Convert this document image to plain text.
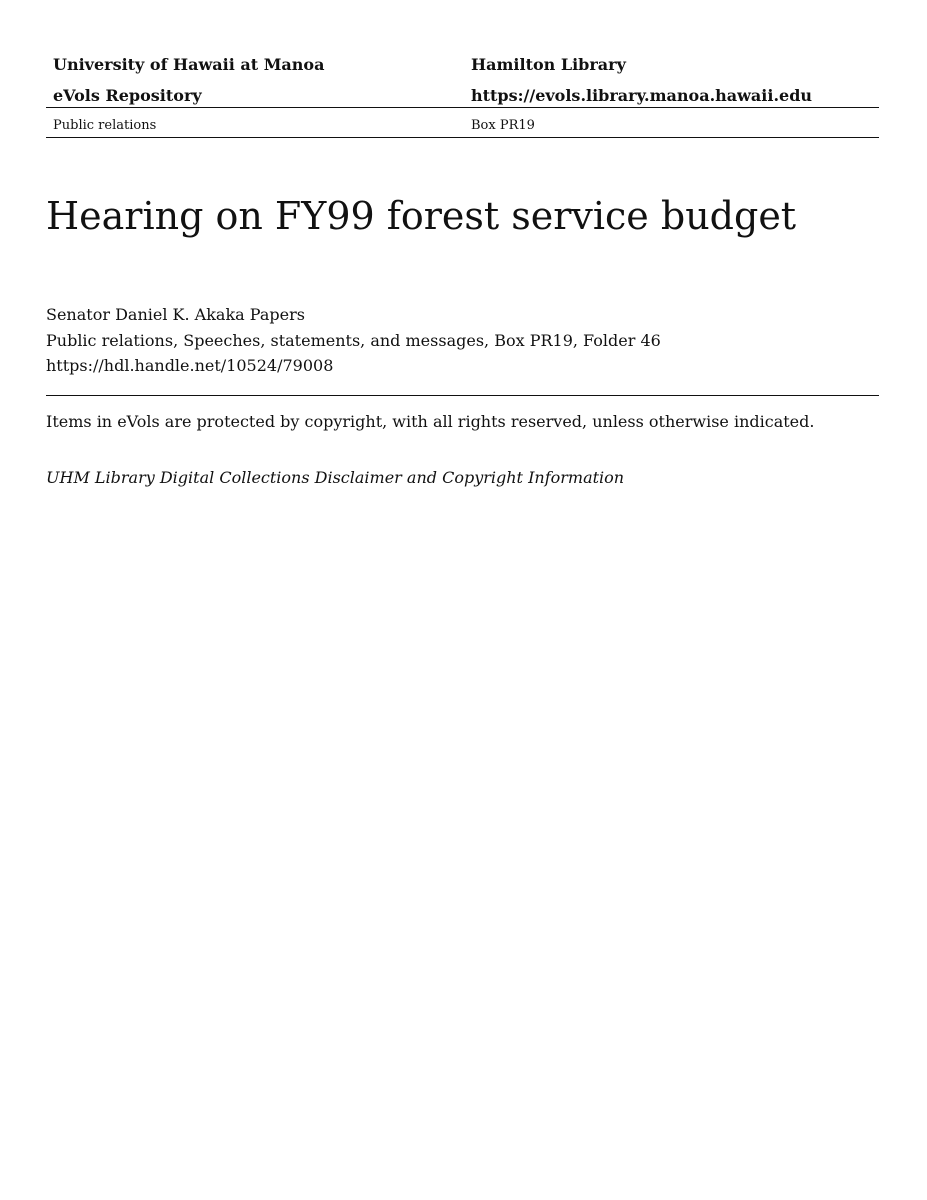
University of Hawaii at Manoa	Hamilton Library
eVols Repository	https://evols.library.manoa.hawaii.edu
Public relations	Box PR19
Hearing on FY99 forest service budget
Senator Daniel K. Akaka Papers
Public relations, Speeches, statements, and messages, Box PR19, Folder 46
https://hdl.handle.net/10524/79008
Items in eVols are protected by copyright, with all rights reserved, unless otherwise indicated.
UHM Library Digital Collections Disclaimer and Copyright Information
